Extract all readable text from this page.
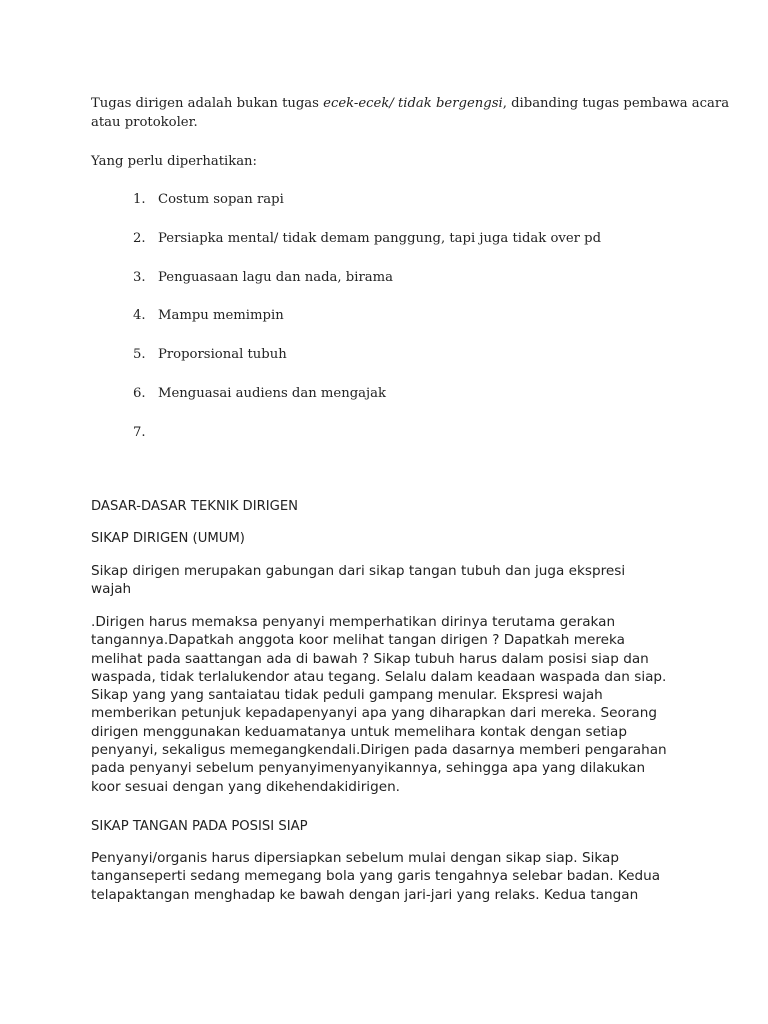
Tugas dirigen adalah bukan tugas ecek-ecek/ tidak bergengsi, dibanding tugas pembawa acara
atau protokoler.
Yang perlu diperhatikan:
1. Costum sopan rapi
2. Persiapka mental/ tidak demam panggung, tapi juga tidak over pd
3. Penguasaan lagu dan nada, birama
4. Mampu memimpin
5. Proporsional tubuh
6. Menguasai audiens dan mengajak
7.
DASAR-DASAR TEKNIK DIRIGEN
SIKAP DIRIGEN (UMUM)
Sikap dirigen merupakan gabungan dari sikap tangan tubuh dan juga ekspresi
wajah
.Dirigen harus memaksa penyanyi memperhatikan dirinya terutama gerakan
tangannya.Dapatkah anggota koor melihat tangan dirigen ? Dapatkah mereka
melihat pada saattangan ada di bawah ? Sikap tubuh harus dalam posisi siap dan
waspada, tidak terlalukendor atau tegang. Selalu dalam keadaan waspada dan siap.
Sikap yang yang santaiatau tidak peduli gampang menular. Ekspresi wajah
memberikan petunjuk kepadapenyanyi apa yang diharapkan dari mereka. Seorang
dirigen menggunakan keduamatanya untuk memelihara kontak dengan setiap
penyanyi, sekaligus memegangkendali.Dirigen pada dasarnya memberi pengarahan
pada penyanyi sebelum penyanyimenyanyikannya, sehingga apa yang dilakukan
koor sesuai dengan yang dikehendakidirigen.
SIKAP TANGAN PADA POSISI SIAP
Penyanyi/organis harus dipersiapkan sebelum mulai dengan sikap siap. Sikap
tanganseperti sedang memegang bola yang garis tengahnya selebar badan. Kedua
telapaktangan menghadap ke bawah dengan jari-jari yang relaks. Kedua tangan
